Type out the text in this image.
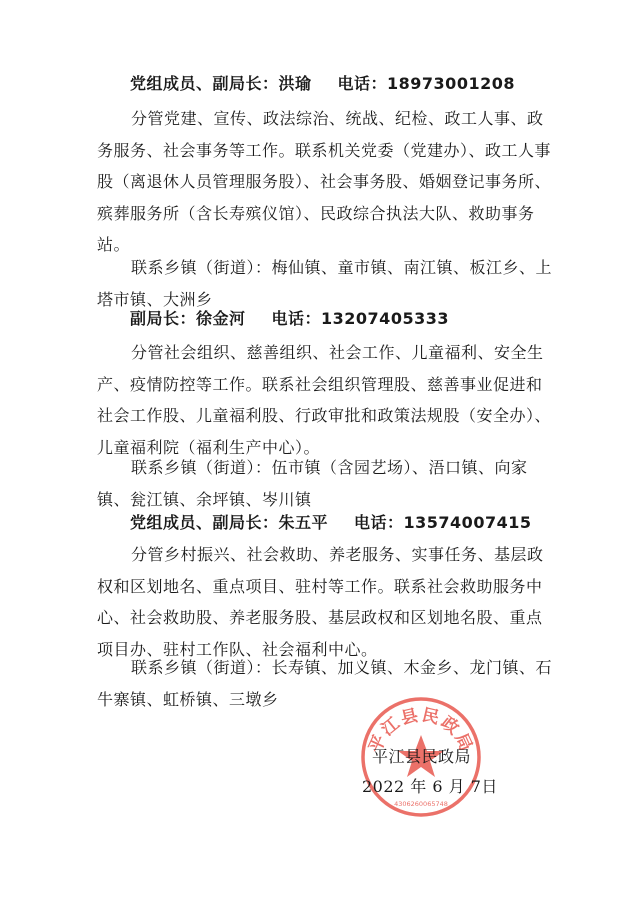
党组成员、副局长：洪瑜 电话：18973001208

分管党建、宣传、政法综治、统战、纪检、政工人事、政务服务、社会事务等工作。联系机关党委（党建办）、政工人事股（离退休人员管理服务股）、社会事务股、婚姻登记事务所、殡葬服务所（含长寿殡仪馆）、民政综合执法大队、救助事务站。

联系乡镇（街道）：梅仙镇、童市镇、南江镇、板江乡、上塔市镇、大洲乡

副局长：徐金河 电话：13207405333

分管社会组织、慈善组织、社会工作、儿童福利、安全生产、疫情防控等工作。联系社会组织管理股、慈善事业促进和社会工作股、儿童福利股、行政审批和政策法规股（安全办）、儿童福利院（福利生产中心）。

联系乡镇（街道）：伍市镇（含园艺场）、浯口镇、向家镇、瓮江镇、余坪镇、岑川镇

党组成员、副局长：朱五平 电话：13574007415

分管乡村振兴、社会救助、养老服务、实事任务、基层政权和区划地名、重点项目、驻村等工作。联系社会救助服务中心、社会救助股、养老服务股、基层政权和区划地名股、重点项目办、驻村工作队、社会福利中心。

联系乡镇（街道）：长寿镇、加义镇、木金乡、龙门镇、石牛寨镇、虹桥镇、三墩乡

平江县民政局
4306260065748
平江县民政局
2022 年 6 月 7日
